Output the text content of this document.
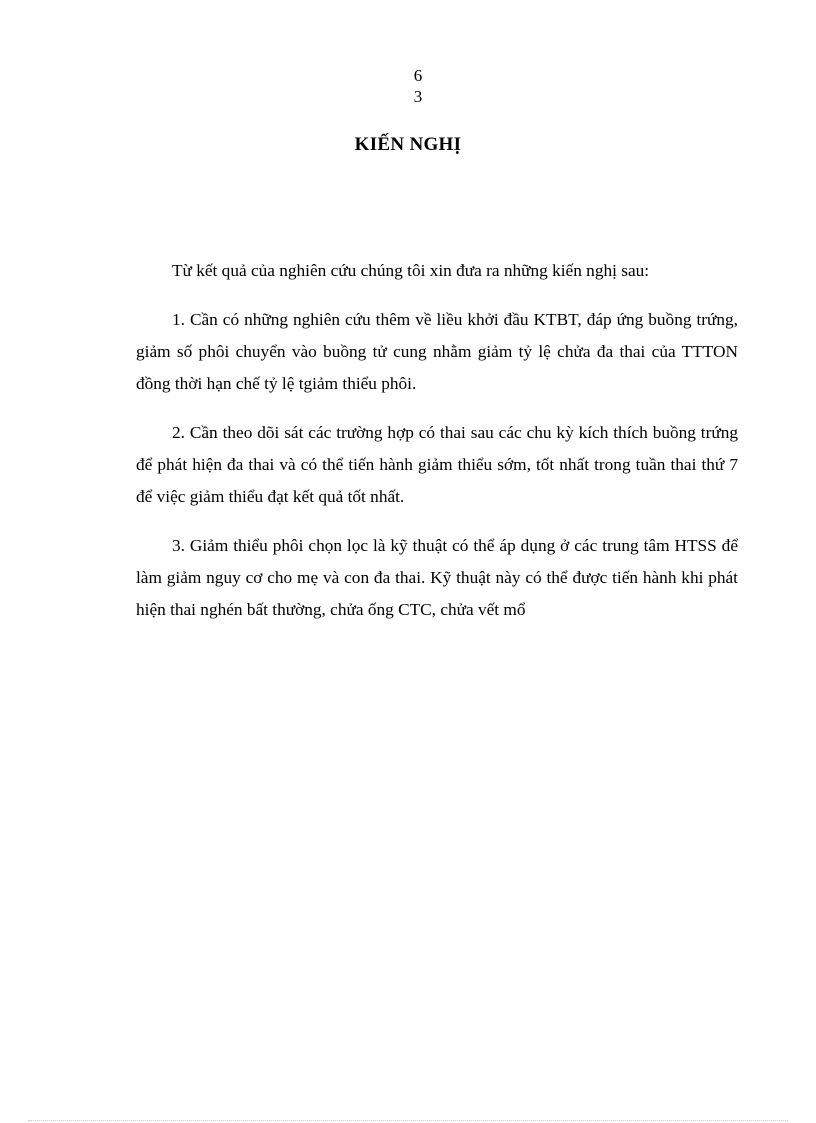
6
3
KIẾN NGHỊ

Từ kết quả của nghiên cứu chúng tôi xin đưa ra những kiến nghị sau:

1. Cần có những nghiên cứu thêm về liều khởi đầu KTBT, đáp ứng buồng trứng, giảm số phôi chuyển vào buồng tử cung nhằm giảm tỷ lệ chửa đa thai của TTTON đồng thời hạn chế tỷ lệ tgiảm thiểu phôi.

2. Cần theo dõi sát các trường hợp có thai sau các chu kỳ kích thích buồng trứng để phát hiện đa thai và có thể tiến hành giảm thiểu sớm, tốt nhất trong tuần thai thứ 7 để việc giảm thiểu đạt kết quả tốt nhất.

3. Giảm thiểu phôi chọn lọc là kỹ thuật có thể áp dụng ở các trung tâm HTSS để làm giảm nguy cơ cho mẹ và con đa thai. Kỹ thuật này có thể được tiến hành khi phát hiện thai nghén bất thường, chửa ống CTC, chửa vết mổ
